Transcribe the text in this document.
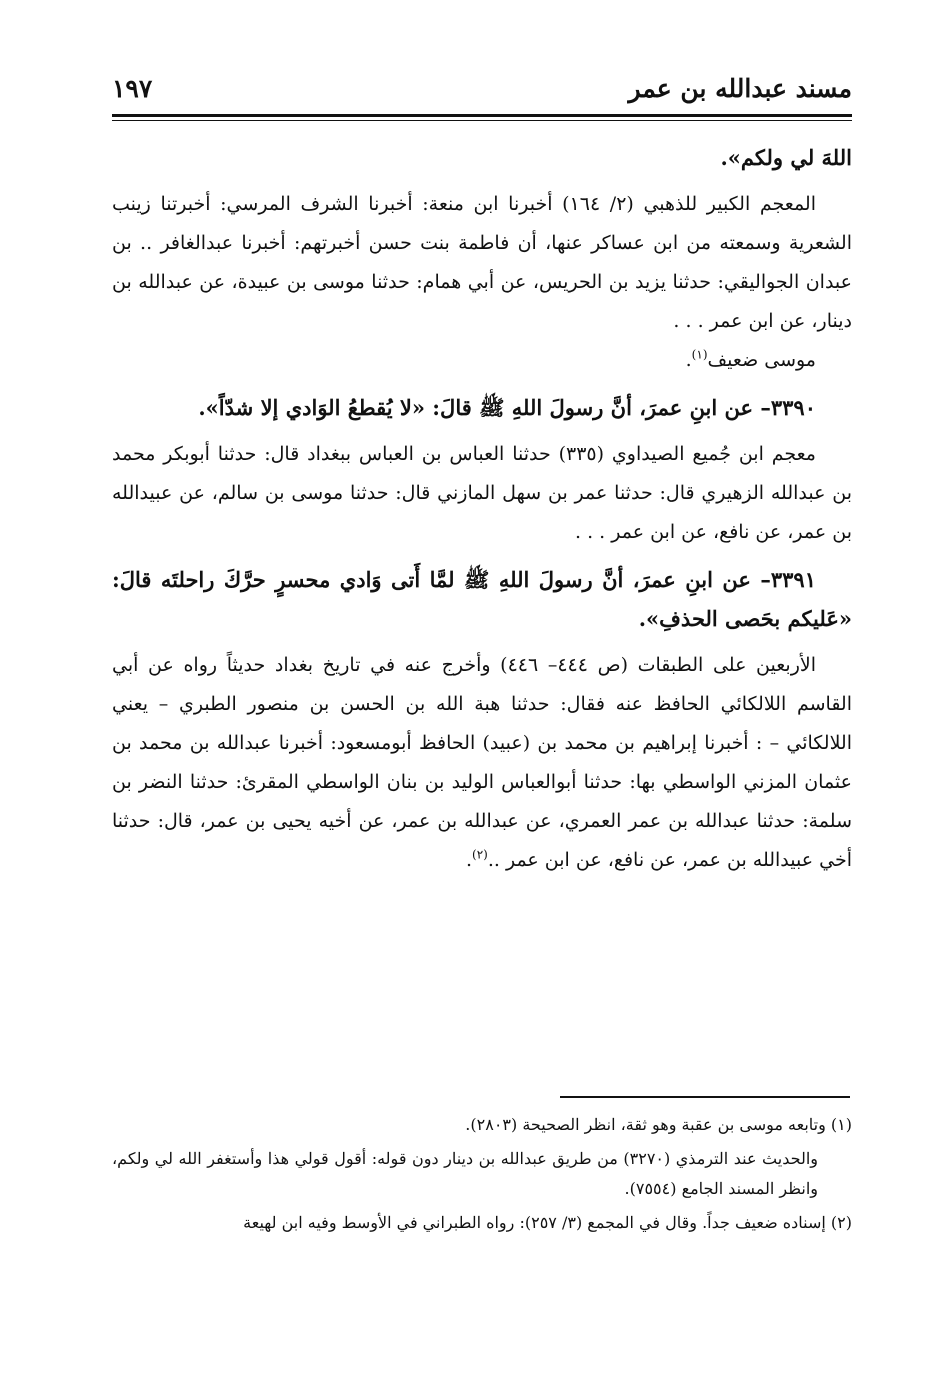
مسند عبدالله بن عمر
١٩٧

اللهَ لي ولكم».

المعجم الكبير للذهبي (٢/ ١٦٤) أخبرنا ابن منعة: أخبرنا الشرف المرسي: أخبرتنا زينب الشعرية وسمعته من ابن عساكر عنها، أن فاطمة بنت حسن أخبرتهم: أخبرنا عبدالغافر .. بن عبدان الجواليقي: حدثنا يزيد بن الحريس، عن أبي همام: حدثنا موسى بن عبيدة، عن عبدالله بن دينار، عن ابن عمر . . .

موسى ضعيف$^{(١)}$.

٣٣٩٠– عن ابنِ عمرَ، أنَّ رسولَ اللهِ ﷺ قالَ: «لا يُقطعُ الوَادي إلا شدّاً».

معجم ابن جُميع الصيداوي (٣٣٥) حدثنا العباس بن العباس ببغداد قال: حدثنا أبوبكر محمد بن عبدالله الزهيري قال: حدثنا عمر بن سهل المازني قال: حدثنا موسى بن سالم، عن عبيدالله بن عمر، عن نافع، عن ابن عمر . . .

٣٣٩١– عن ابنِ عمرَ، أنَّ رسولَ اللهِ ﷺ لمَّا أَتى وَادي محسرٍ حرَّكَ راحلتَه قالَ: «عَليكم بحَصى الحذفِ».

الأربعين على الطبقات (ص ٤٤٤– ٤٤٦) وأخرج عنه في تاريخ بغداد حديثاً رواه عن أبي القاسم اللالكائي الحافظ عنه فقال: حدثنا هبة الله بن الحسن بن منصور الطبري – يعني اللالكائي – : أخبرنا إبراهيم بن محمد بن (عبيد) الحافظ أبومسعود: أخبرنا عبدالله بن محمد بن عثمان المزني الواسطي بها: حدثنا أبوالعباس الوليد بن بنان الواسطي المقرئ: حدثنا النضر بن سلمة: حدثنا عبدالله بن عمر العمري، عن عبدالله بن عمر، عن أخيه يحيى بن عمر، قال: حدثنا أخي عبيدالله بن عمر، عن نافع، عن ابن عمر ..$^{(٢)}$.

(١) وتابعه موسى بن عقبة وهو ثقة، انظر الصحيحة (٢٨٠٣).

والحديث عند الترمذي (٣٢٧٠) من طريق عبدالله بن دينار دون قوله: أقول قولي هذا وأستغفر الله لي ولكم، وانظر المسند الجامع (٧٥٥٤).

(٢) إسناده ضعيف جداً. وقال في المجمع (٣/ ٢٥٧): رواه الطبراني في الأوسط وفيه ابن لهيعة
